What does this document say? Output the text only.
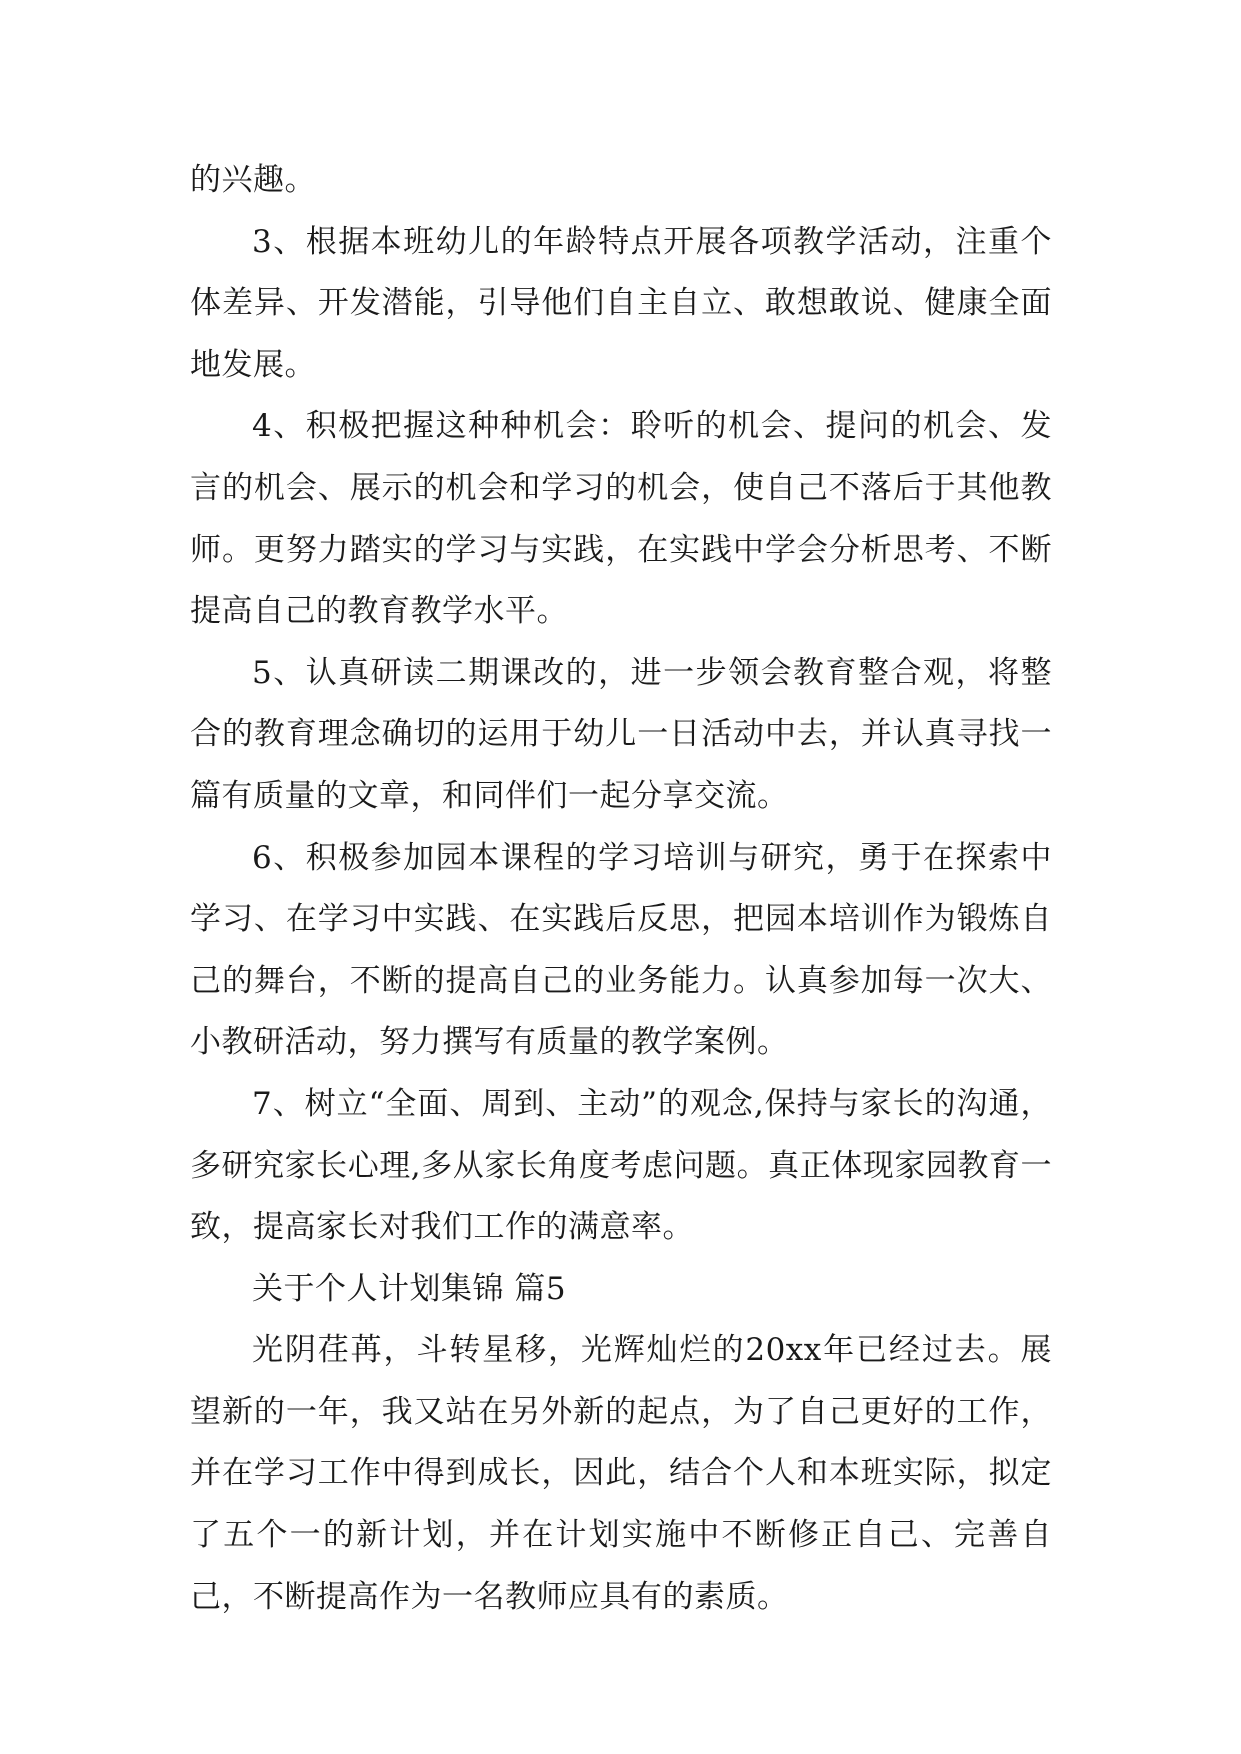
的兴趣。

3、根据本班幼儿的年龄特点开展各项教学活动，注重个体差异、开发潜能，引导他们自主自立、敢想敢说、健康全面地发展。

4、积极把握这种种机会：聆听的机会、提问的机会、发言的机会、展示的机会和学习的机会，使自己不落后于其他教师。更努力踏实的学习与实践，在实践中学会分析思考、不断提高自己的教育教学水平。

5、认真研读二期课改的，进一步领会教育整合观，将整合的教育理念确切的运用于幼儿一日活动中去，并认真寻找一篇有质量的文章，和同伴们一起分享交流。

6、积极参加园本课程的学习培训与研究，勇于在探索中学习、在学习中实践、在实践后反思，把园本培训作为锻炼自己的舞台，不断的提高自己的业务能力。认真参加每一次大、小教研活动，努力撰写有质量的教学案例。

7、树立“全面、周到、主动”的观念,保持与家长的沟通，多研究家长心理,多从家长角度考虑问题。真正体现家园教育一致，提高家长对我们工作的满意率。

关于个人计划集锦 篇5

光阴荏苒，斗转星移，光辉灿烂的20xx年已经过去。展望新的一年，我又站在另外新的起点，为了自己更好的工作，并在学习工作中得到成长，因此，结合个人和本班实际，拟定了五个一的新计划，并在计划实施中不断修正自己、完善自己，不断提高作为一名教师应具有的素质。
